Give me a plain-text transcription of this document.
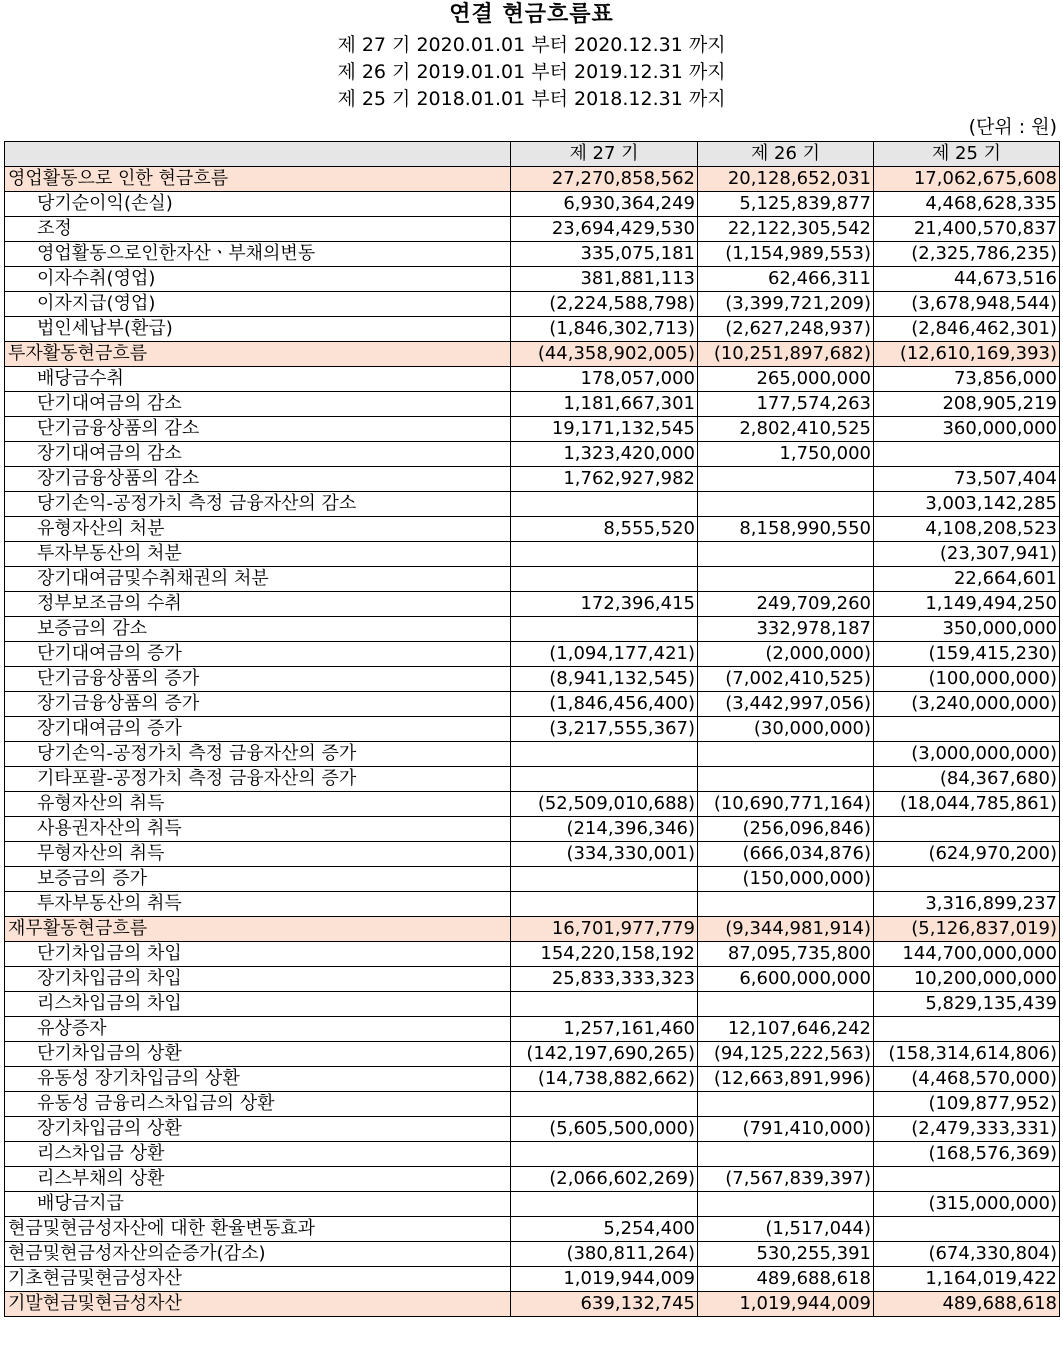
연결 현금흐름표
제 27 기 2020.01.01 부터 2020.12.31 까지
제 26 기 2019.01.01 부터 2019.12.31 까지
제 25 기 2018.01.01 부터 2018.12.31 까지
(단위 : 원)
	제 27 기	제 26 기	제 25 기
영업활동으로 인한 현금흐름	27,270,858,562	20,128,652,031	17,062,675,608
당기순이익(손실)	6,930,364,249	5,125,839,877	4,468,628,335
조정	23,694,429,530	22,122,305,542	21,400,570,837
영업활동으로인한자산ㆍ부채의변동	335,075,181	(1,154,989,553)	(2,325,786,235)
이자수취(영업)	381,881,113	62,466,311	44,673,516
이자지급(영업)	(2,224,588,798)	(3,399,721,209)	(3,678,948,544)
법인세납부(환급)	(1,846,302,713)	(2,627,248,937)	(2,846,462,301)
투자활동현금흐름	(44,358,902,005)	(10,251,897,682)	(12,610,169,393)
배당금수취	178,057,000	265,000,000	73,856,000
단기대여금의 감소	1,181,667,301	177,574,263	208,905,219
단기금융상품의 감소	19,171,132,545	2,802,410,525	360,000,000
장기대여금의 감소	1,323,420,000	1,750,000	
장기금융상품의 감소	1,762,927,982		73,507,404
당기손익-공정가치 측정 금융자산의 감소			3,003,142,285
유형자산의 처분	8,555,520	8,158,990,550	4,108,208,523
투자부동산의 처분			(23,307,941)
장기대여금및수취채권의 처분			22,664,601
정부보조금의 수취	172,396,415	249,709,260	1,149,494,250
보증금의 감소		332,978,187	350,000,000
단기대여금의 증가	(1,094,177,421)	(2,000,000)	(159,415,230)
단기금융상품의 증가	(8,941,132,545)	(7,002,410,525)	(100,000,000)
장기금융상품의 증가	(1,846,456,400)	(3,442,997,056)	(3,240,000,000)
장기대여금의 증가	(3,217,555,367)	(30,000,000)	
당기손익-공정가치 측정 금융자산의 증가			(3,000,000,000)
기타포괄-공정가치 측정 금융자산의 증가			(84,367,680)
유형자산의 취득	(52,509,010,688)	(10,690,771,164)	(18,044,785,861)
사용권자산의 취득	(214,396,346)	(256,096,846)	
무형자산의 취득	(334,330,001)	(666,034,876)	(624,970,200)
보증금의 증가		(150,000,000)	
투자부동산의 취득			3,316,899,237
재무활동현금흐름	16,701,977,779	(9,344,981,914)	(5,126,837,019)
단기차입금의 차입	154,220,158,192	87,095,735,800	144,700,000,000
장기차입금의 차입	25,833,333,323	6,600,000,000	10,200,000,000
리스차입금의 차입			5,829,135,439
유상증자	1,257,161,460	12,107,646,242	
단기차입금의 상환	(142,197,690,265)	(94,125,222,563)	(158,314,614,806)
유동성 장기차입금의 상환	(14,738,882,662)	(12,663,891,996)	(4,468,570,000)
유동성 금융리스차입금의 상환			(109,877,952)
장기차입금의 상환	(5,605,500,000)	(791,410,000)	(2,479,333,331)
리스차입금 상환			(168,576,369)
리스부채의 상환	(2,066,602,269)	(7,567,839,397)	
배당금지급			(315,000,000)
현금및현금성자산에 대한 환율변동효과	5,254,400	(1,517,044)	
현금및현금성자산의순증가(감소)	(380,811,264)	530,255,391	(674,330,804)
기초현금및현금성자산	1,019,944,009	489,688,618	1,164,019,422
기말현금및현금성자산	639,132,745	1,019,944,009	489,688,618
